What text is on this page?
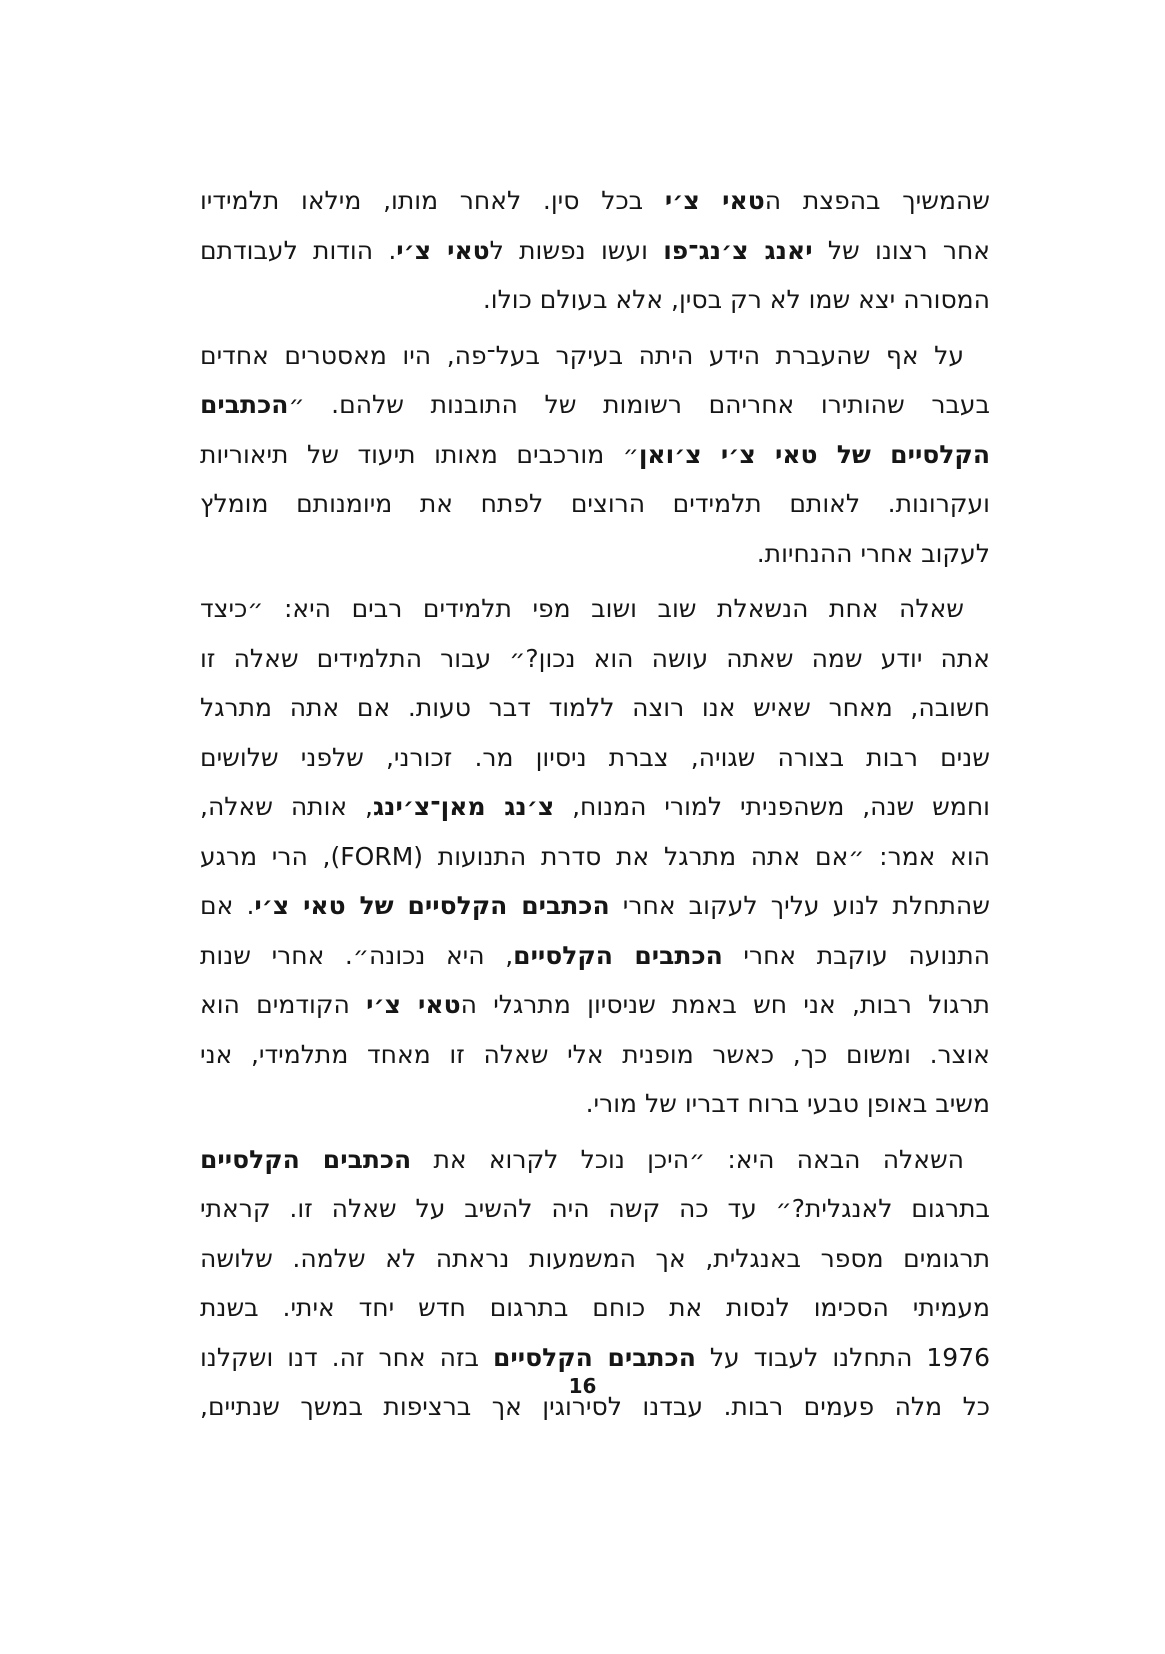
שהמשיך בהפצת הטאי צ׳י בכל סין. לאחר מותו, מילאו תלמידיו
אחר רצונו של יאנג צ׳נג־פו ועשו נפשות לטאי צ׳י. הודות לעבודתם
המסורה יצא שמו לא רק בסין, אלא בעולם כולו.
על אף שהעברת הידע היתה בעיקר בעל־פה, היו מאסטרים אחדים
בעבר שהותירו אחריהם רשומות של התובנות שלהם. ״הכתבים
הקלסיים של טאי צ׳י צ׳ואן״ מורכבים מאותו תיעוד של תיאוריות
ועקרונות. לאותם תלמידים הרוצים לפתח את מיומנותם מומלץ
לעקוב אחרי ההנחיות.
שאלה אחת הנשאלת שוב ושוב מפי תלמידים רבים היא: ״כיצד
אתה יודע שמה שאתה עושה הוא נכון?״ עבור התלמידים שאלה זו
חשובה, מאחר שאיש אנו רוצה ללמוד דבר טעות. אם אתה מתרגל
שנים רבות בצורה שגויה, צברת ניסיון מר. זכורני, שלפני שלושים
וחמש שנה, משהפניתי למורי המנוח, צ׳נג מאן־צ׳ינג, אותה שאלה,
הוא אמר: ״אם אתה מתרגל את סדרת התנועות (FORM), הרי מרגע
שהתחלת לנוע עליך לעקוב אחרי הכתבים הקלסיים של טאי צ׳י. אם
התנועה עוקבת אחרי הכתבים הקלסיים, היא נכונה״. אחרי שנות
תרגול רבות, אני חש באמת שניסיון מתרגלי הטאי צ׳י הקודמים הוא
אוצר. ומשום כך, כאשר מופנית אלי שאלה זו מאחד מתלמידי, אני
משיב באופן טבעי ברוח דבריו של מורי.
השאלה הבאה היא: ״היכן נוכל לקרוא את הכתבים הקלסיים
בתרגום לאנגלית?״ עד כה קשה היה להשיב על שאלה זו. קראתי
תרגומים מספר באנגלית, אך המשמעות נראתה לא שלמה. שלושה
מעמיתי הסכימו לנסות את כוחם בתרגום חדש יחד איתי. בשנת
1976 התחלנו לעבוד על הכתבים הקלסיים בזה אחר זה. דנו ושקלנו
כל מלה פעמים רבות. עבדנו לסירוגין אך ברציפות במשך שנתיים,
16
